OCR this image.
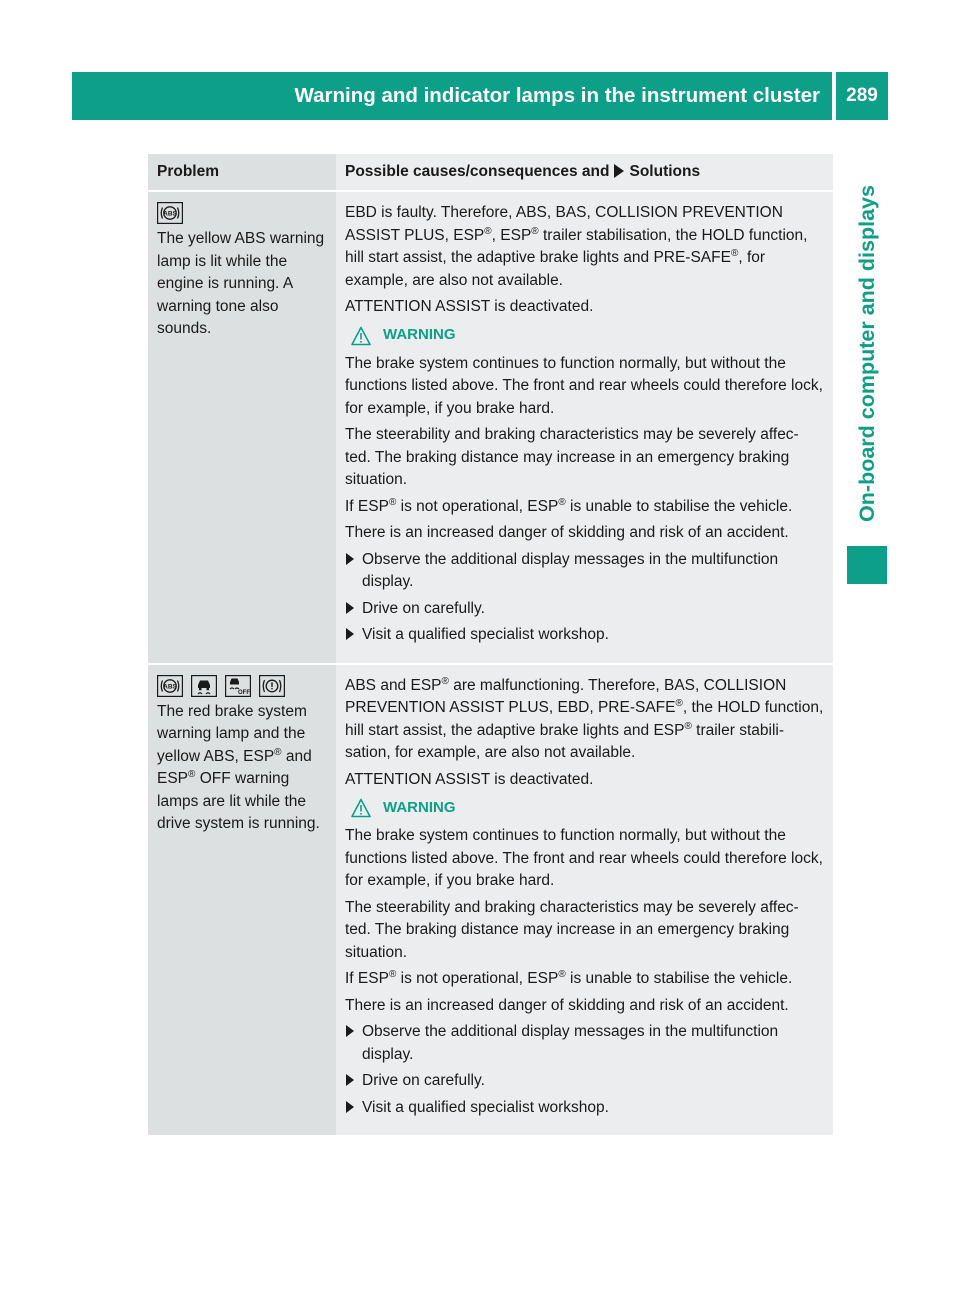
Warning and indicator lamps in the instrument cluster 289
On-board computer and displays
Problem	Possible causes/consequences and Solutions
ABS
The yellow ABS warning lamp is lit while the engine is running. A warning tone also sounds.

EBD is faulty. Therefore, ABS, BAS, COLLISION PREVENTION ASSIST PLUS, ESP®, ESP® trailer stabilisation, the HOLD function, hill start assist, the adaptive brake lights and PRE-SAFE®, for example, are also not available.

ATTENTION ASSIST is deactivated.

WARNING

The brake system continues to function normally, but without the functions listed above. The front and rear wheels could therefore lock, for example, if you brake hard.

The steerability and braking characteristics may be severely affec- ted. The braking distance may increase in an emergency braking situation.

If ESP® is not operational, ESP® is unable to stabilise the vehicle.

There is an increased danger of skidding and risk of an accident.

Observe the additional display messages in the multifunction display.
Drive on carefully.
Visit a qualified specialist workshop.
ABS
OFF
The red brake system warning lamp and the yellow ABS, ESP® and ESP® OFF warning lamps are lit while the drive system is running.

ABS and ESP® are malfunctioning. Therefore, BAS, COLLISION PREVENTION ASSIST PLUS, EBD, PRE-SAFE®, the HOLD function, hill start assist, the adaptive brake lights and ESP® trailer stabili- sation, for example, are also not available.

ATTENTION ASSIST is deactivated.

WARNING

The brake system continues to function normally, but without the functions listed above. The front and rear wheels could therefore lock, for example, if you brake hard.

The steerability and braking characteristics may be severely affec- ted. The braking distance may increase in an emergency braking situation.

If ESP® is not operational, ESP® is unable to stabilise the vehicle.

There is an increased danger of skidding and risk of an accident.

Observe the additional display messages in the multifunction display.
Drive on carefully.
Visit a qualified specialist workshop.
